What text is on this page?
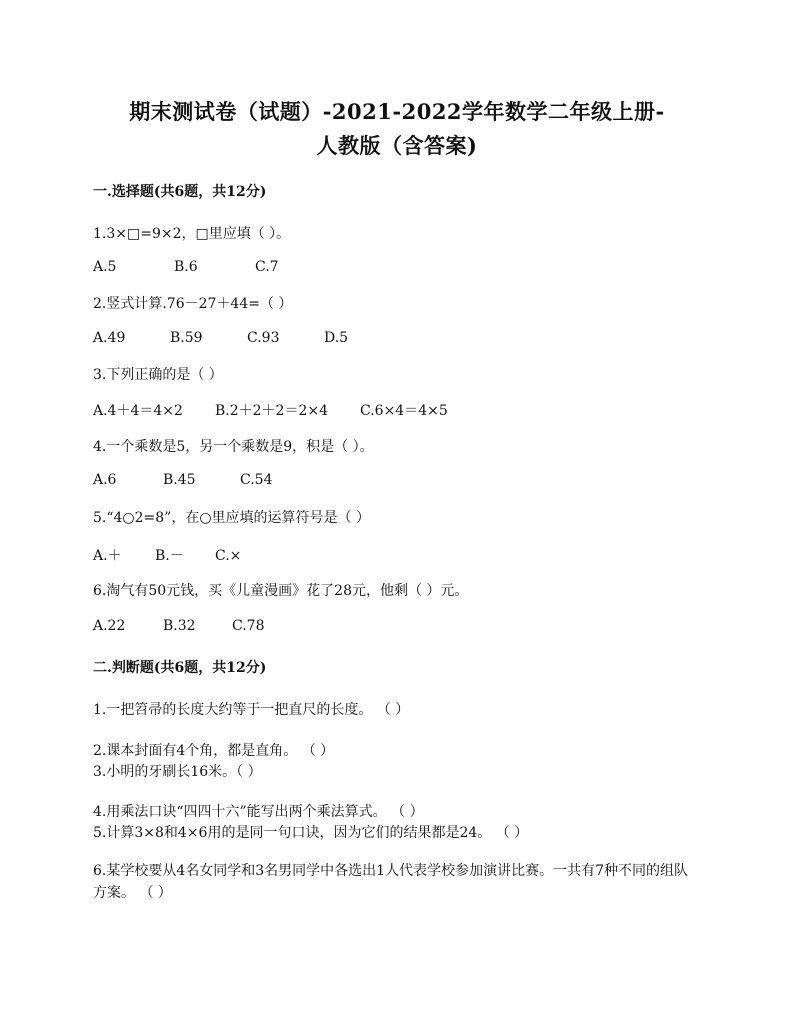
期末测试卷（试题）-2021-2022学年数学二年级上册-
人教版（含答案)
一.选择题(共6题，共12分)
1.3×□=9×2，□里应填（ ）。
A.5	B.6	C.7
2.竖式计算.76－27＋44=（ ）
A.49	B.59	C.93	D.5
3.下列正确的是（ ）
A.4＋4＝4×2 B.2＋2＋2＝2×4 C.6×4＝4×5
4.一个乘数是5，另一个乘数是9，积是（ ）。
A.6	B.45	C.54
5.“4○2=8”，在○里应填的运算符号是（ ）
A.＋ B.－ C.×
6.淘气有50元钱，买《儿童漫画》花了28元，他剩（ ）元。
A.22	B.32	C.78
二.判断题(共6题，共12分)
1.一把笤帚的长度大约等于一把直尺的长度。 （ ）
2.课本封面有4个角，都是直角。 （ ）
3.小明的牙刷长16米。（ ）
4.用乘法口诀“四四十六”能写出两个乘法算式。 （ ）
5.计算3×8和4×6用的是同一句口诀，因为它们的结果都是24。 （ ）
6.某学校要从4名女同学和3名男同学中各选出1人代表学校参加演讲比赛。一共有7种不同的组队方案。 （ ）
